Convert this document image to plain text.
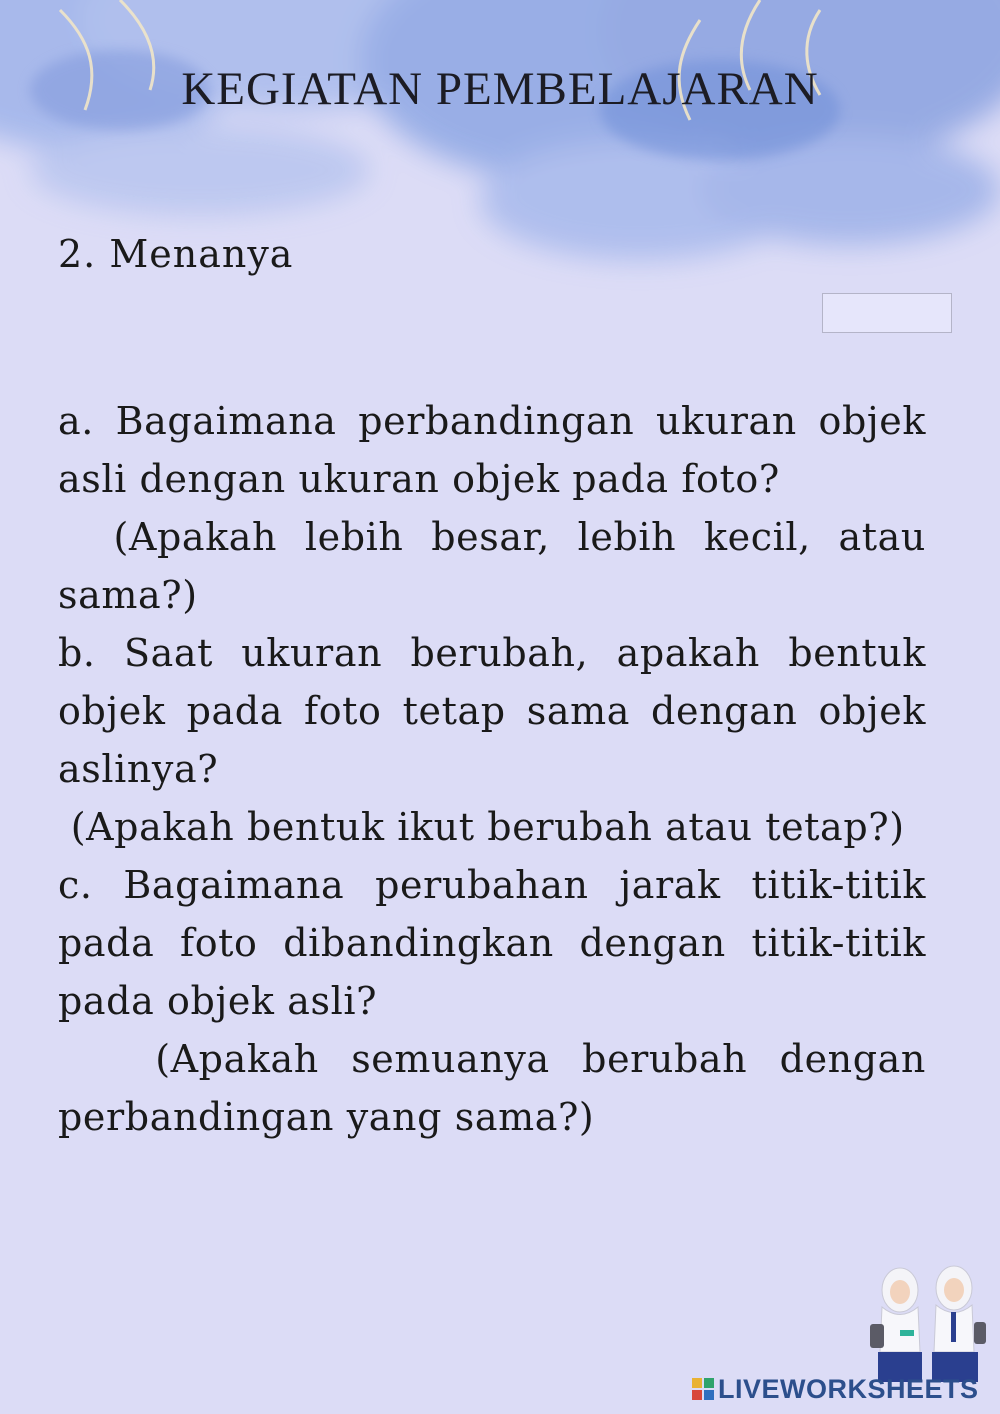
KEGIATAN PEMBELAJARAN
2. Menanya

a. Bagaimana perbandingan ukuran objek asli dengan ukuran objek pada foto?

(Apakah lebih besar, lebih kecil, atau sama?)

b. Saat ukuran berubah, apakah bentuk objek pada foto tetap sama dengan objek aslinya?

(Apakah bentuk ikut berubah atau tetap?)

c. Bagaimana perubahan jarak titik-titik pada foto dibandingkan dengan titik-titik pada objek asli?

(Apakah semuanya berubah dengan perbandingan yang sama?)

LIVEWORKSHEETS
